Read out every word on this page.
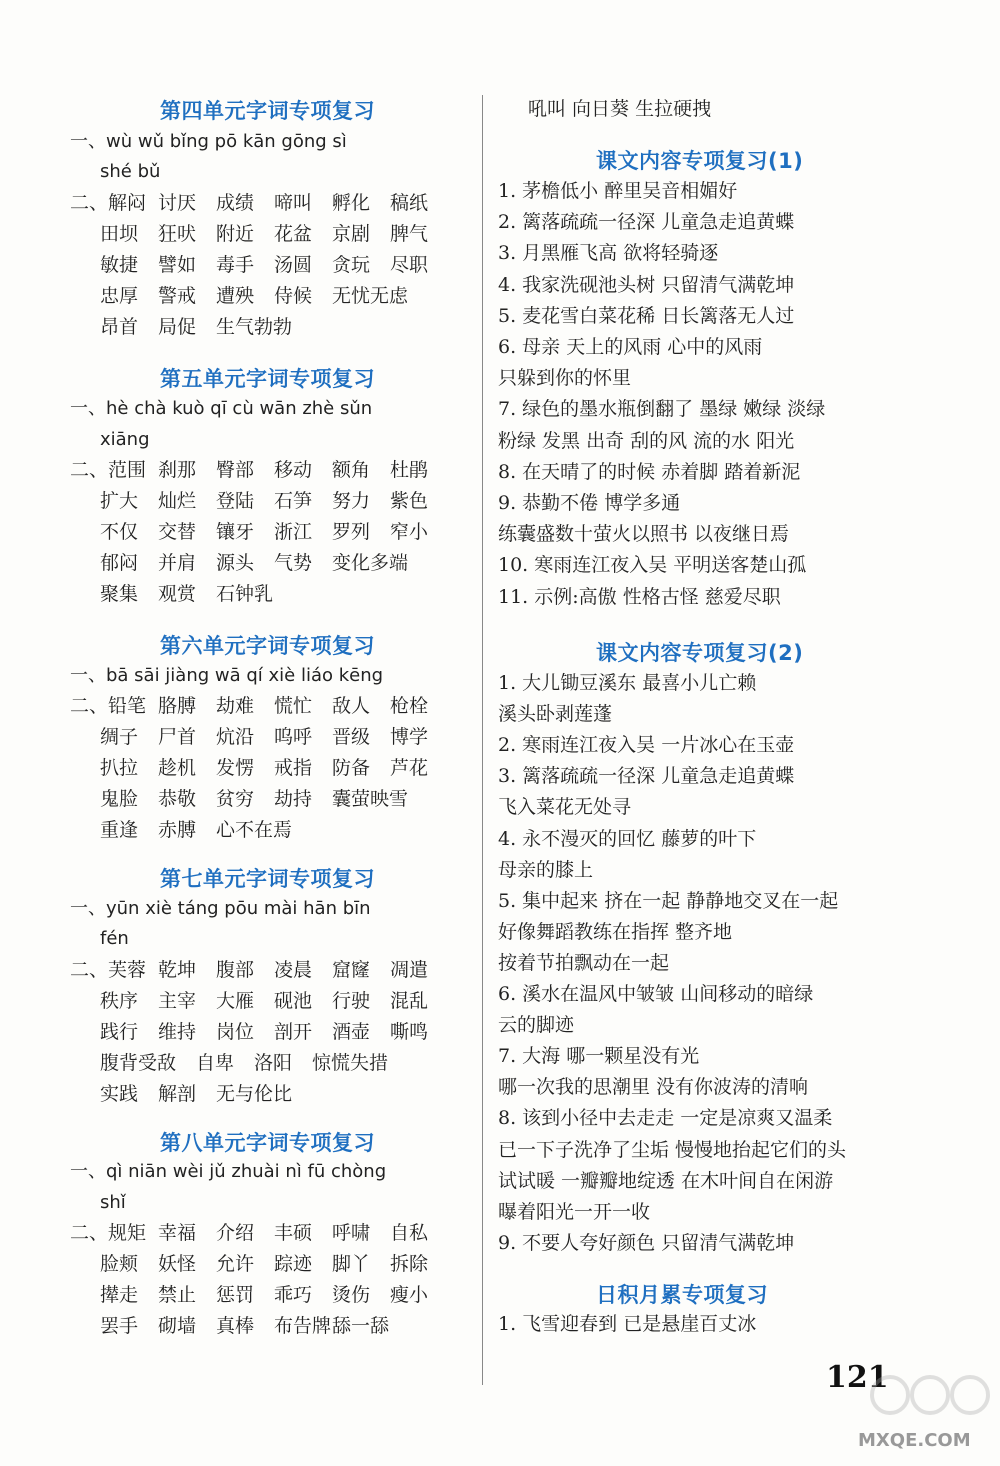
第四单元字词专项复习
一、wù wǔ bǐng pō kān gōng sì
shé bǔ
二、解闷 讨厌	成绩	啼叫	孵化	稿纸
田坝	狂吠	附近	花盆	京剧	脾气
敏捷	譬如	毒手	汤圆	贪玩	尽职
忠厚	警戒	遭殃	侍候	无忧无虑
昂首	局促	生气勃勃
第五单元字词专项复习
一、hè chà kuò qī cù wān zhè sǔn
xiāng
二、范围 刹那	臀部	移动	额角	杜鹃
扩大	灿烂	登陆	石笋	努力	紫色
不仅	交替	镶牙	浙江	罗列	窄小
郁闷	并肩	源头	气势	变化多端
聚集	观赏	石钟乳
第六单元字词专项复习
一、bā sāi jiàng wā qí xiè liáo kēng
二、铅笔 胳膊	劫难	慌忙	敌人	枪栓
绸子	尸首	炕沿	呜呼	晋级	博学
扒拉	趁机	发愣	戒指	防备	芦花
鬼脸	恭敬	贫穷	劫持	囊萤映雪
重逢	赤膊	心不在焉
第七单元字词专项复习
一、yūn xiè táng pōu mài hān bīn
fén
二、芙蓉 乾坤	腹部	凌晨	窟窿	凋遣
秩序	主宰	大雁	砚池	行驶	混乱
践行	维持	岗位	剖开	酒壶	嘶鸣
腹背受敌 自卑	洛阳	惊慌失措
实践	解剖	无与伦比
第八单元字词专项复习
一、qì niān wèi jǔ zhuài nì fū chòng
shǐ
二、规矩 幸福	介绍	丰硕	呼啸	自私
脸颊	妖怪	允许	踪迹	脚丫	拆除
撵走	禁止	惩罚	乖巧	烫伤	瘦小
罢手	砌墙	真棒	布告牌 舔一舔
吼叫 向日葵 生拉硬拽
课文内容专项复习(1)
1. 茅檐低小 醉里吴音相媚好
2. 篱落疏疏一径深 儿童急走追黄蝶
3. 月黑雁飞高 欲将轻骑逐
4. 我家洗砚池头树 只留清气满乾坤
5. 麦花雪白菜花稀 日长篱落无人过
6. 母亲 天上的风雨 心中的风雨
只躲到你的怀里
7. 绿色的墨水瓶倒翻了 墨绿 嫩绿 淡绿
粉绿 发黑 出奇 刮的风 流的水 阳光
8. 在天晴了的时候 赤着脚 踏着新泥
9. 恭勤不倦 博学多通
练囊盛数十萤火以照书 以夜继日焉
10. 寒雨连江夜入吴 平明送客楚山孤
11. 示例:高傲 性格古怪 慈爱尽职
课文内容专项复习(2)
1. 大儿锄豆溪东 最喜小儿亡赖
溪头卧剥莲蓬
2. 寒雨连江夜入吴 一片冰心在玉壶
3. 篱落疏疏一径深 儿童急走追黄蝶
飞入菜花无处寻
4. 永不漫灭的回忆 藤萝的叶下
母亲的膝上
5. 集中起来 挤在一起 静静地交叉在一起
好像舞蹈教练在指挥 整齐地
按着节拍飘动在一起
6. 溪水在温风中皱皱 山间移动的暗绿
云的脚迹
7. 大海 哪一颗星没有光
哪一次我的思潮里 没有你波涛的清响
8. 该到小径中去走走 一定是凉爽又温柔
已一下子洗净了尘垢 慢慢地抬起它们的头
试试暖 一瓣瓣地绽透 在木叶间自在闲游
曝着阳光一开一收
9. 不要人夸好颜色 只留清气满乾坤
日积月累专项复习
1. 飞雪迎春到 已是悬崖百丈冰
121
MXQE.COM
